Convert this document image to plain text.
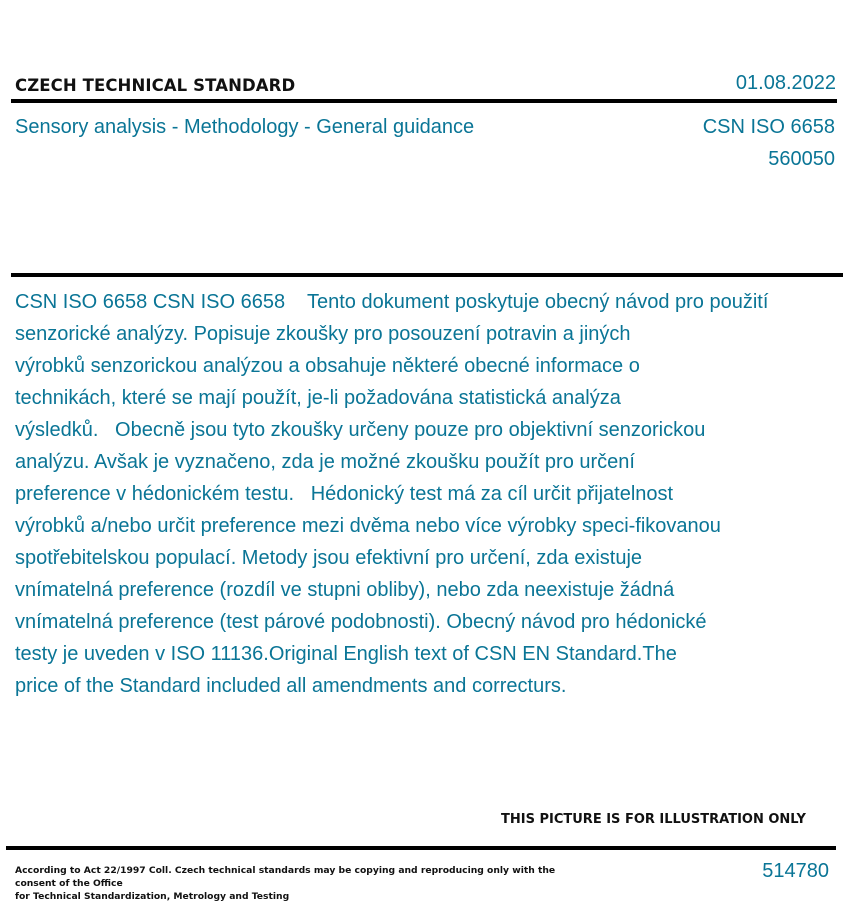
CZECH TECHNICAL STANDARD	01.08.2022
Sensory analysis - Methodology - General guidance	CSN ISO 6658
560050
CSN ISO 6658 CSN ISO 6658    Tento dokument poskytuje obecný návod pro použití
senzorické analýzy. Popisuje zkoušky pro posouzení potravin a jiných
výrobků senzorickou analýzou a obsahuje některé obecné informace o
technikách, které se mají použít, je-li požadována statistická analýza
výsledků.   Obecně jsou tyto zkoušky určeny pouze pro objektivní senzorickou
analýzu. Avšak je vyznačeno, zda je možné zkoušku použít pro určení
preference v hédonickém testu.   Hédonický test má za cíl určit přijatelnost
výrobků a/nebo určit preference mezi dvěma nebo více výrobky speci-fikovanou
spotřebitelskou populací. Metody jsou efektivní pro určení, zda existuje
vnímatelná preference (rozdíl ve stupni obliby), nebo zda neexistuje žádná
vnímatelná preference (test párové podobnosti). Obecný návod pro hédonické
testy je uveden v ISO 11136.Original English text of CSN EN Standard.The
price of the Standard included all amendments and correcturs.
THIS PICTURE IS FOR ILLUSTRATION ONLY
According to Act 22/1997 Coll. Czech technical standards may be copying and reproducing only with the consent of the Office
for Technical Standardization, Metrology and Testing
514780
